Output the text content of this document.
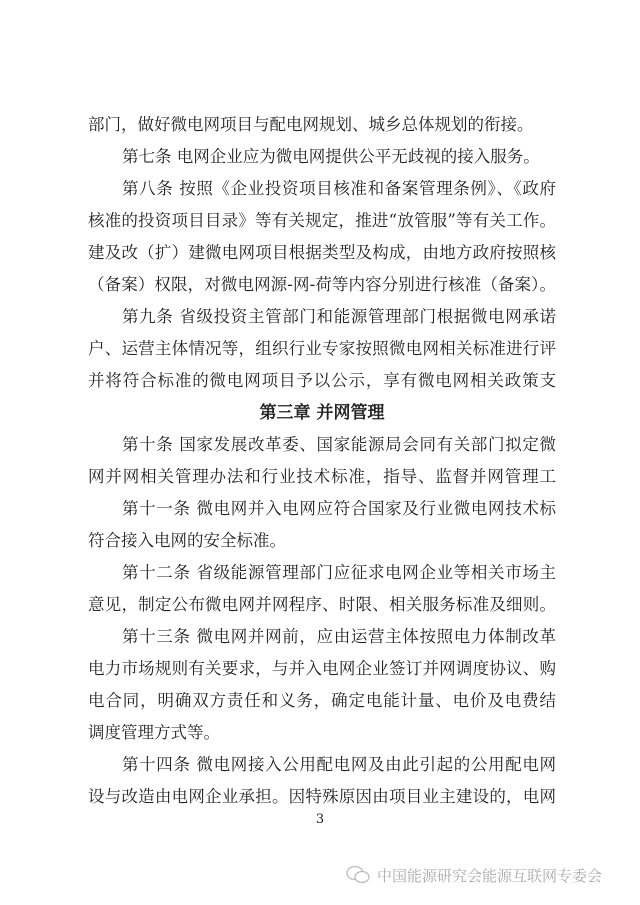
部门，做好微电网项目与配电网规划、城乡总体规划的衔接。
第七条 电网企业应为微电网提供公平无歧视的接入服务。
第八条 按照《企业投资项目核准和备案管理条例》、《政府
核准的投资项目目录》等有关规定，推进“放管服”等有关工作。
建及改（扩）建微电网项目根据类型及构成，由地方政府按照核
（备案）权限，对微电网源-网-荷等内容分别进行核准（备案）。
第九条 省级投资主管部门和能源管理部门根据微电网承诺
户、运营主体情况等，组织行业专家按照微电网相关标准进行评
并将符合标准的微电网项目予以公示，享有微电网相关政策支
第三章 并网管理
第十条 国家发展改革委、国家能源局会同有关部门拟定微
网并网相关管理办法和行业技术标准，指导、监督并网管理工
第十一条 微电网并入电网应符合国家及行业微电网技术标
符合接入电网的安全标准。
第十二条 省级能源管理部门应征求电网企业等相关市场主
意见，制定公布微电网并网程序、时限、相关服务标准及细则。
第十三条 微电网并网前，应由运营主体按照电力体制改革
电力市场规则有关要求，与并入电网企业签订并网调度协议、购
电合同，明确双方责任和义务，确定电能计量、电价及电费结
调度管理方式等。
第十四条 微电网接入公用配电网及由此引起的公用配电网
设与改造由电网企业承担。因特殊原因由项目业主建设的，电网
3
中国能源研究会能源互联网专委会
